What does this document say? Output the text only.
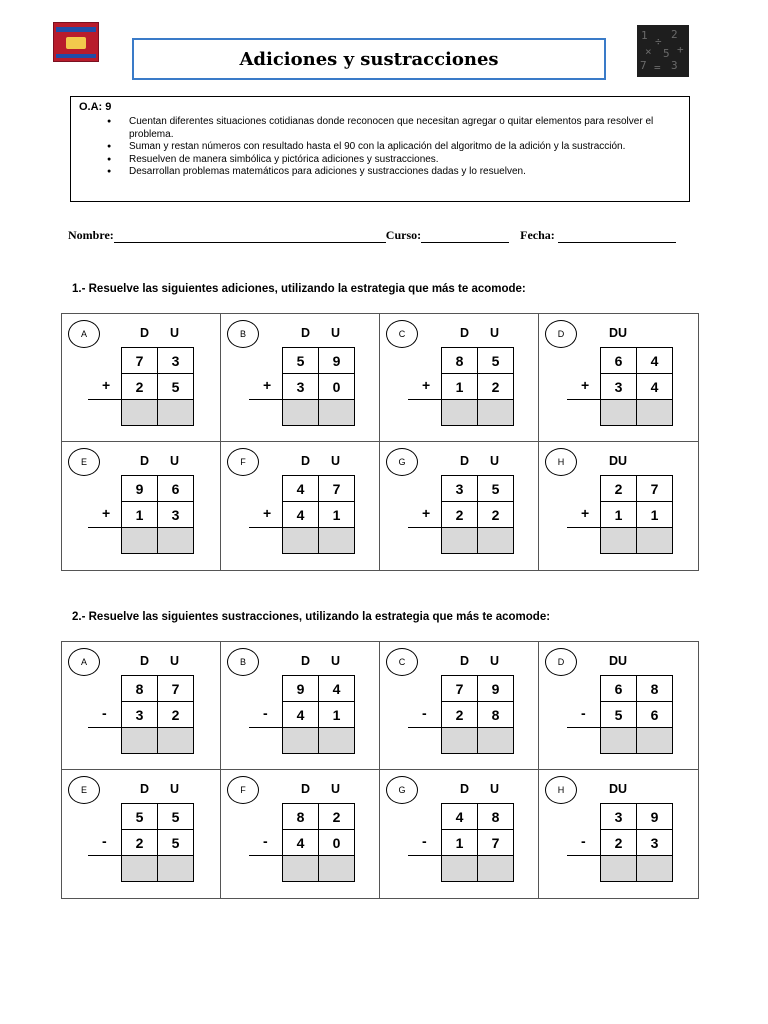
Adiciones y sustracciones
1 ÷
2
× 5 +
7 = 3
O.A: 9
● Cuentan diferentes situaciones cotidianas donde reconocen que necesitan agregar o quitar elementos para resolver el problema.
● Suman y restan números con resultado hasta el 90 con la aplicación del algoritmo de la adición y la sustracción.
● Resuelven de manera simbólica y pictórica adiciones y sustracciones.
● Desarrollan problemas matemáticos para adiciones y sustracciones dadas y lo resuelven.
Nombre:	Curso:	Fecha:
1.- Resuelve las siguientes adiciones, utilizando la estrategia que más te acomode:
A	D U
+
7	3
2	5
B	D U
+
5	9
3	0
C	D U
+
8	5
1	2
D	DU
+
6	4
3	4
E	D U
+
9	6
1	3
F	D U
+
4	7
4	1
G	D U
+
3	5
2	2
H	DU
+
2	7
1	1
2.- Resuelve las siguientes sustracciones, utilizando la estrategia que más te acomode:
A	D U
-
8	7
3	2
B	D U
-
9	4
4	1
C	D U
-
7	9
2	8
D	DU
-
6	8
5	6
E	D U
-
5	5
2	5
F	D U
-
8	2
4	0
G	D U
-
4	8
1	7
H	DU
-
3	9
2	3
